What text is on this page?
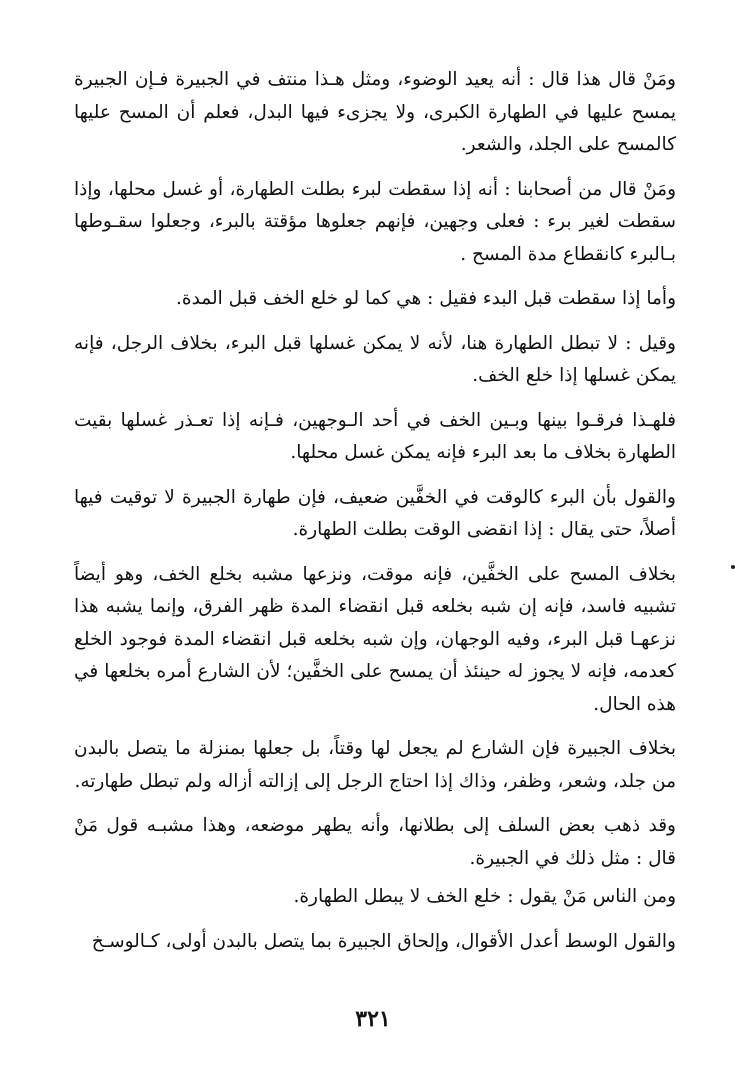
ومَنْ قال هذا قال : أنه يعيد الوضوء، ومثل هـذا منتف في الجبيرة فـإن الجبيرة يمسح عليها في الطهارة الكبرى، ولا يجزىء فيها البدل، فعلم أن المسح عليها كالمسح على الجلد، والشعر.

ومَنْ قال من أصحابنا : أنه إذا سقطت لبرء بطلت الطهارة، أو غسل محلها، وإذا سقطت لغير برء : فعلى وجهين، فإنهم جعلوها مؤقتة بالبرء، وجعلوا سقـوطها بـالبرء كانقطاع مدة المسح .

وأما إذا سقطت قبل البدء فقيل : هي كما لو خلع الخف قبل المدة.

وقيل : لا تبطل الطهارة هنا، لأنه لا يمكن غسلها قبل البرء، بخلاف الرجل، فإنه يمكن غسلها إذا خلع الخف.

فلهـذا فرقـوا بينها وبـين الخف في أحد الـوجهين، فـإنه إذا تعـذر غسلها بقيت الطهارة بخلاف ما بعد البرء فإنه يمكن غسل محلها.

والقول بأن البرء كالوقت في الخفَّين ضعيف، فإن طهارة الجبيرة لا توقيت فيها أصلاً، حتى يقال : إذا انقضى الوقت بطلت الطهارة.

بخلاف المسح على الخفَّين، فإنه موقت، ونزعها مشبه بخلع الخف، وهو أيضاً تشبيه فاسد، فإنه إن شبه بخلعه قبل انقضاء المدة ظهر الفرق، وإنما يشبه هذا نزعهـا قبل البرء، وفيه الوجهان، وإن شبه بخلعه قبل انقضاء المدة فوجود الخلع كعدمه، فإنه لا يجوز له حينئذ أن يمسح على الخفَّين؛ لأن الشارع أمره بخلعها في هذه الحال.

بخلاف الجبيرة فإن الشارع لم يجعل لها وقتاً، بل جعلها بمنزلة ما يتصل بالبدن من جلد، وشعر، وظفر، وذاك إذا احتاج الرجل إلى إزالته أزاله ولم تبطل طهارته.

وقد ذهب بعض السلف إلى بطلانها، وأنه يطهر موضعه، وهذا مشبـه قول مَنْ قال : مثل ذلك في الجبيرة.

ومن الناس مَنْ يقول : خلع الخف لا يبطل الطهارة.

والقول الوسط أعدل الأقوال، وإلحاق الجبيرة بما يتصل بالبدن أولى، كـالوسـخ

٣٢١
